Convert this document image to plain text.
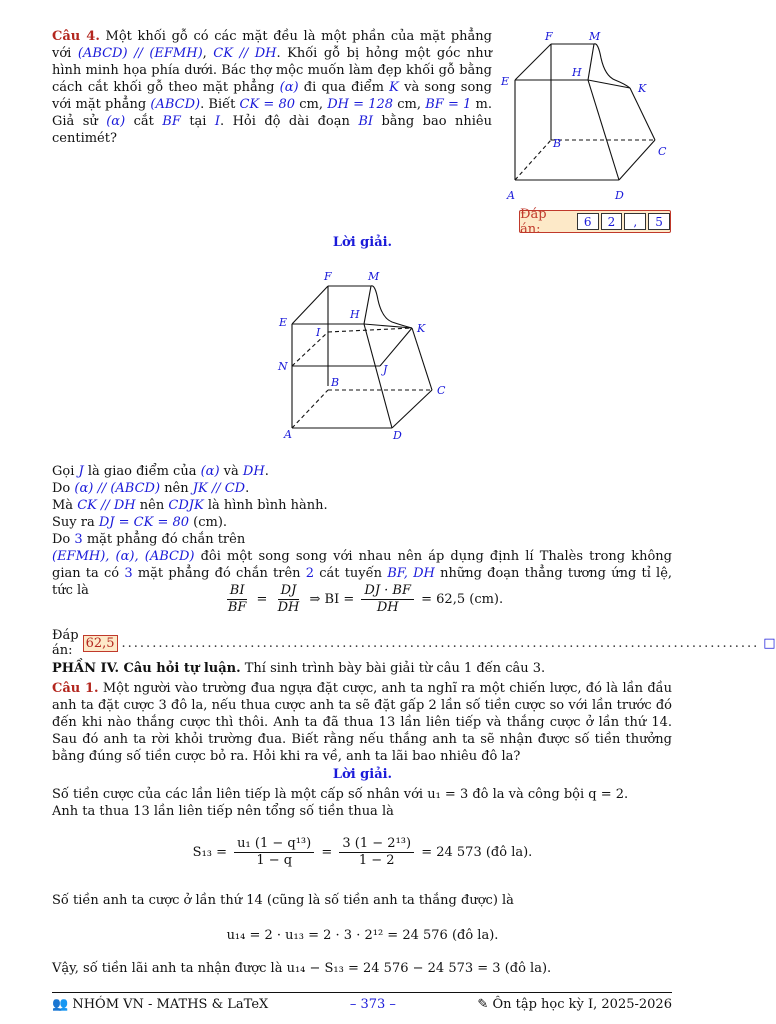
Câu 4. Một khối gỗ có các mặt đều là một phần của mặt phẳng với (ABCD) // (EFMH), CK // DH. Khối gỗ bị hỏng một góc như hình minh họa phía dưới. Bác thợ mộc muốn làm đẹp khối gỗ bằng cách cắt khối gỗ theo mặt phẳng (α) đi qua điểm K và song song với mặt phẳng (ABCD). Biết CK = 80 cm, DH = 128 cm, BF = 1 m. Giả sử (α) cắt BF tại I. Hỏi độ dài đoạn BI bằng bao nhiêu centimét?
F	M
E
H
K
B
C
A	D
Đáp án:	6	2	,	5
Lời giải.
F	M
E
H
I	K
N	J
B
C
A	D

Gọi J là giao điểm của (α) và DH.

Do (α) // (ABCD) nên JK // CD.

Mà CK // DH nên CDJK là hình bình hành.

Suy ra DJ = CK = 80 (cm).

Do 3 mặt phẳng đó chắn trên

(EFMH), (α), (ABCD) đôi một song song với nhau nên áp dụng định lí Thalès trong không gian ta có 3 mặt phẳng đó chắn trên 2 cát tuyến BF, DH những đoạn thẳng tương ứng tỉ lệ, tức là	$\frac{BI}{BF} = \frac{DJ}{DH}$ ⇒ BI = $\frac{DJ \cdot BF}{DH} = 62,5$ (cm).
Đáp án:	62,5 ........................................................................................................ □
PHẦN IV. Câu hỏi tự luận. Thí sinh trình bày bài giải từ câu 1 đến câu 3.
Câu 1. Một người vào trường đua ngựa đặt cược, anh ta nghĩ ra một chiến lược, đó là lần đầu anh ta đặt cược 3 đô la, nếu thua cược anh ta sẽ đặt gấp 2 lần số tiền cược so với lần trước đó đến khi nào thắng cược thì thôi. Anh ta đã thua 13 lần liên tiếp và thắng cược ở lần thứ 14. Sau đó anh ta rời khỏi trường đua. Biết rằng nếu thắng anh ta sẽ nhận được số tiền thưởng bằng đúng số tiền cược bỏ ra. Hỏi khi ra về, anh ta lãi bao nhiêu đô la?
Lời giải.

Số tiền cược của các lần liên tiếp là một cấp số nhân với u₁ = 3 đô la và công bội q = 2.

Anh ta thua 13 lần liên tiếp nên tổng số tiền thua là

$S_{13} = \frac{\text{u₁ (1 − q¹³)}}{1 - q} = \frac{\text{3 (1 − 2¹³)}}{1 - 2} = 24$ 573 (đô la).

Số tiền anh ta cược ở lần thứ 14 (cũng là số tiền anh ta thắng được) là

u₁₄ = 2 · u₁₃ = 2 · 3 · 2¹² = 24 576 (đô la).

Vậy, số tiền lãi anh ta nhận được là u₁₄ − S₁₃ = 24 576 − 24 573 = 3 (đô la).

👥 NHÓM VN - MATHS & LaTeX	– 373 –	✎ Ôn tập học kỳ I, 2025-2026
